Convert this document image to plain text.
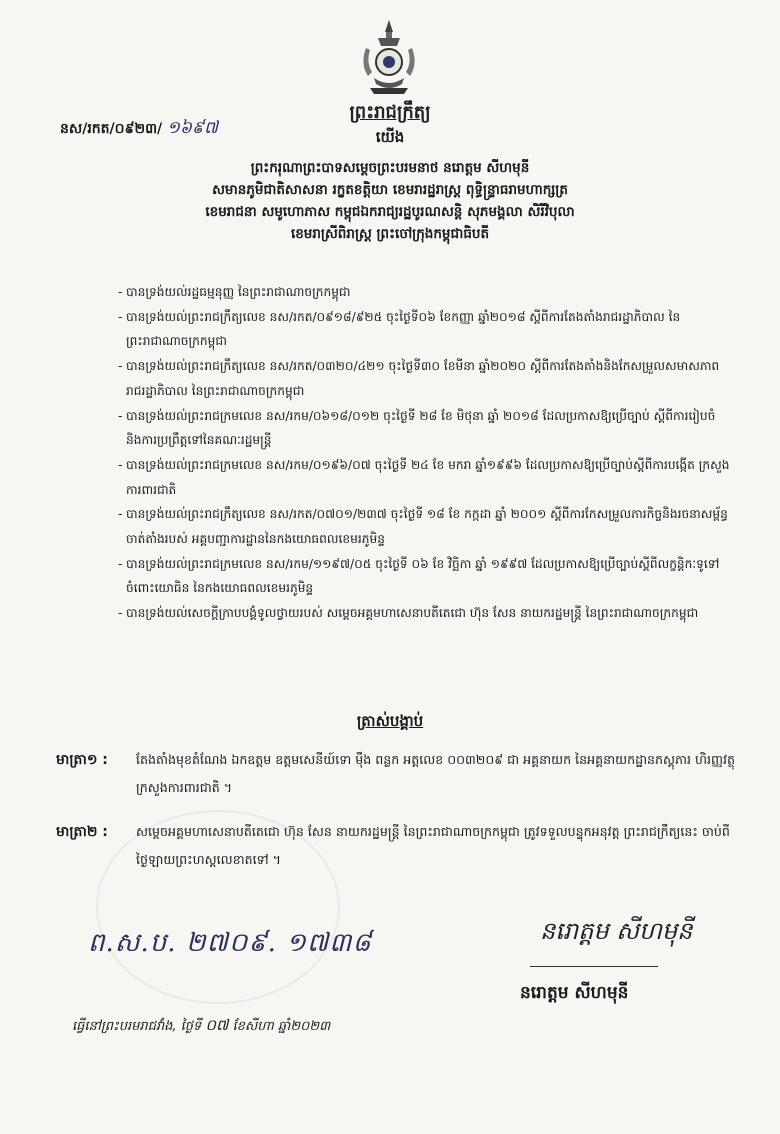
នស/រកត/០៩២៣/ ១៦៩៧
ព្រះរាជក្រឹត្យ
យើង
ព្រះករុណាព្រះបាទសម្តេចព្រះបរមនាថ នរោត្តម សីហមុនី
សមានភូមិជាតិសាសនា រក្ខតខត្តិយា ខេមរារដ្ឋរាស្ត្រ ពុទ្ធិន្ទ្រាធរាមហាក្សត្រ
ខេមរាជនា សមូហោភាស កម្ពុជឯករាជ្យរដ្ឋបូរណសន្តិ សុភមង្គលា សិរីវិបុលា
ខេមរាស្រីពិរាស្ត្រ ព្រះចៅក្រុងកម្ពុជាធិបតី
- បានទ្រង់យល់រដ្ឋធម្មនុញ្ញ នៃព្រះរាជាណាចក្រកម្ពុជា
- បានទ្រង់យល់ព្រះរាជក្រឹត្យលេខ នស/រកត/០៩១៨/៩២៥ ចុះថ្ងៃទី០៦ ខែកញ្ញា ឆ្នាំ២០១៨ ស្តីពីការតែងតាំងរាជរដ្ឋាភិបាល នៃព្រះរាជាណាចក្រកម្ពុជា
- បានទ្រង់យល់ព្រះរាជក្រឹត្យលេខ នស/រកត/០៣២០/៤២១ ចុះថ្ងៃទី៣០ ខែមីនា ឆ្នាំ២០២០ ស្តីពីការតែងតាំងនិងកែសម្រួលសមាសភាពរាជរដ្ឋាភិបាល នៃព្រះរាជាណាចក្រកម្ពុជា
- បានទ្រង់យល់ព្រះរាជក្រមលេខ នស/រកម/០៦១៨/០១២ ចុះថ្ងៃទី ២៨ ខែ មិថុនា ឆ្នាំ ២០១៨ ដែលប្រកាសឱ្យប្រើច្បាប់ ស្តីពីការរៀបចំ និងការប្រព្រឹត្តទៅនៃគណៈរដ្ឋមន្ត្រី
- បានទ្រង់យល់ព្រះរាជក្រមលេខ នស/រកម/០១៩៦/០៧ ចុះថ្ងៃទី ២៤ ខែ មករា ឆ្នាំ១៩៩៦ ដែលប្រកាសឱ្យប្រើច្បាប់ស្តីពីការបង្កើត ក្រសួងការពារជាតិ
- បានទ្រង់យល់ព្រះរាជក្រឹត្យលេខ នស/រកត/០៧០១/២៣៧ ចុះថ្ងៃទី ១៨ ខែ កក្កដា ឆ្នាំ ២០០១ ស្តីពីការកែសម្រួលភារកិច្ចនិងរចនាសម្ព័ន្ធចាត់តាំងរបស់ អគ្គបញ្ជាការដ្ឋាននៃកងយោធពលខេមរភូមិន្ទ
- បានទ្រង់យល់ព្រះរាជក្រមលេខ នស/រកម/១១៩៧/០៥ ចុះថ្ងៃទី ០៦ ខែ វិច្ឆិកា ឆ្នាំ ១៩៩៧ ដែលប្រកាសឱ្យប្រើច្បាប់ស្តីពីលក្ខន្តិកៈទូទៅ ចំពោះយោធិន នៃកងយោធពលខេមរភូមិន្ទ
- បានទ្រង់យល់សេចក្តីក្រាបបង្គំទូលថ្វាយរបស់ សម្តេចអគ្គមហាសេនាបតីតេជោ ហ៊ុន សែន នាយករដ្ឋមន្ត្រី នៃព្រះរាជាណាចក្រកម្ពុជា
ត្រាស់បង្គាប់
មាត្រា១ : តែងតាំងមុខតំណែង ឯកឧត្តម ឧត្តមសេនីយ៍ទោ ម៉ឹង ពន្លក អត្តលេខ ០០៣២០៩ ជា អគ្គនាយក នៃអគ្គនាយកដ្ឋានភស្តុភារ ហិរញ្ញវត្ថុ ក្រសួងការពារជាតិ ។
មាត្រា២ : សម្តេចអគ្គមហាសេនាបតីតេជោ ហ៊ុន សែន នាយករដ្ឋមន្ត្រី នៃព្រះរាជាណាចក្រកម្ពុជា ត្រូវទទួលបន្ទុកអនុវត្ត ព្រះរាជក្រឹត្យនេះ ចាប់ពីថ្ងៃឡាយព្រះហស្តលេខាតទៅ ។
ព.ស.ប. ២៧០៩. ១៧៣៨	នរោត្តម សីហមុនី
នរោត្តម សីហមុនី
ធ្វើនៅព្រះបរមរាជវាំង, ថ្ងៃទី ០៧ ខែសីហា ឆ្នាំ២០២៣
